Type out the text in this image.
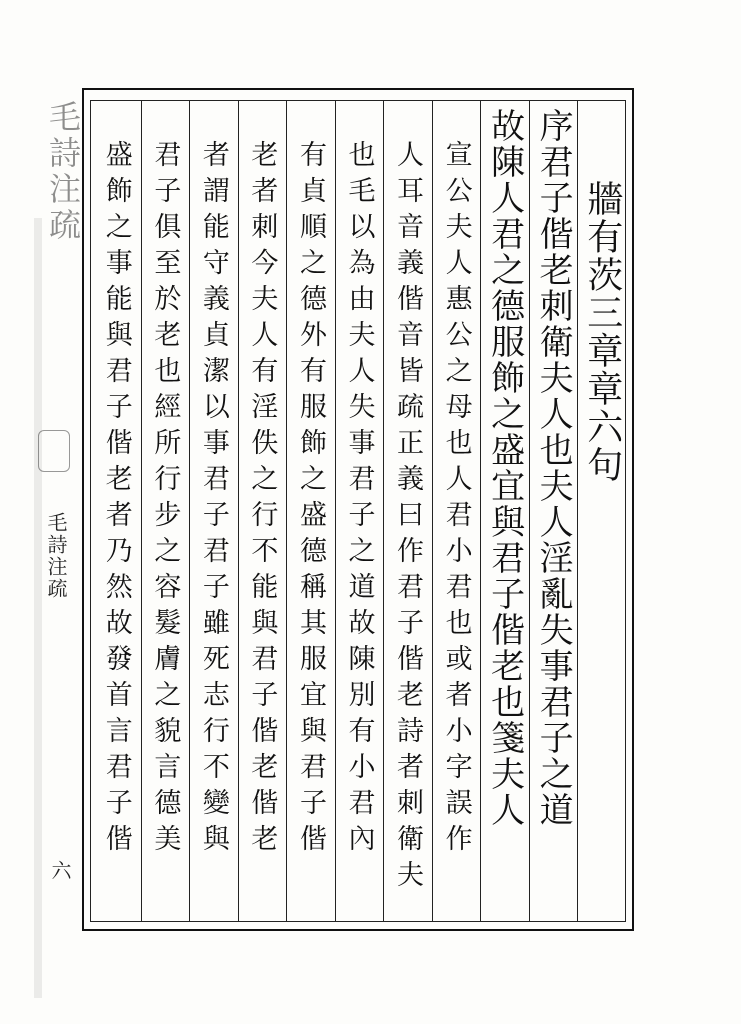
毛詩注疏
毛詩注疏
六
牆有茨三章章六句
序君子偕老刺衛夫人也夫人淫亂失事君子之道
故陳人君之德服飾之盛宜與君子偕老也箋夫人
宣公夫人惠公之母也人君小君也或者小字誤作
人耳音義偕音皆疏正義曰作君子偕老詩者刺衛夫
也毛以為由夫人失事君子之道故陳別有小君內
有貞順之德外有服飾之盛德稱其服宜與君子偕
老者刺今夫人有淫佚之行不能與君子偕老偕老
者謂能守義貞潔以事君子君子雖死志行不變與
君子俱至於老也經所行步之容髮膚之貌言德美
盛飾之事能與君子偕老者乃然故發首言君子偕
